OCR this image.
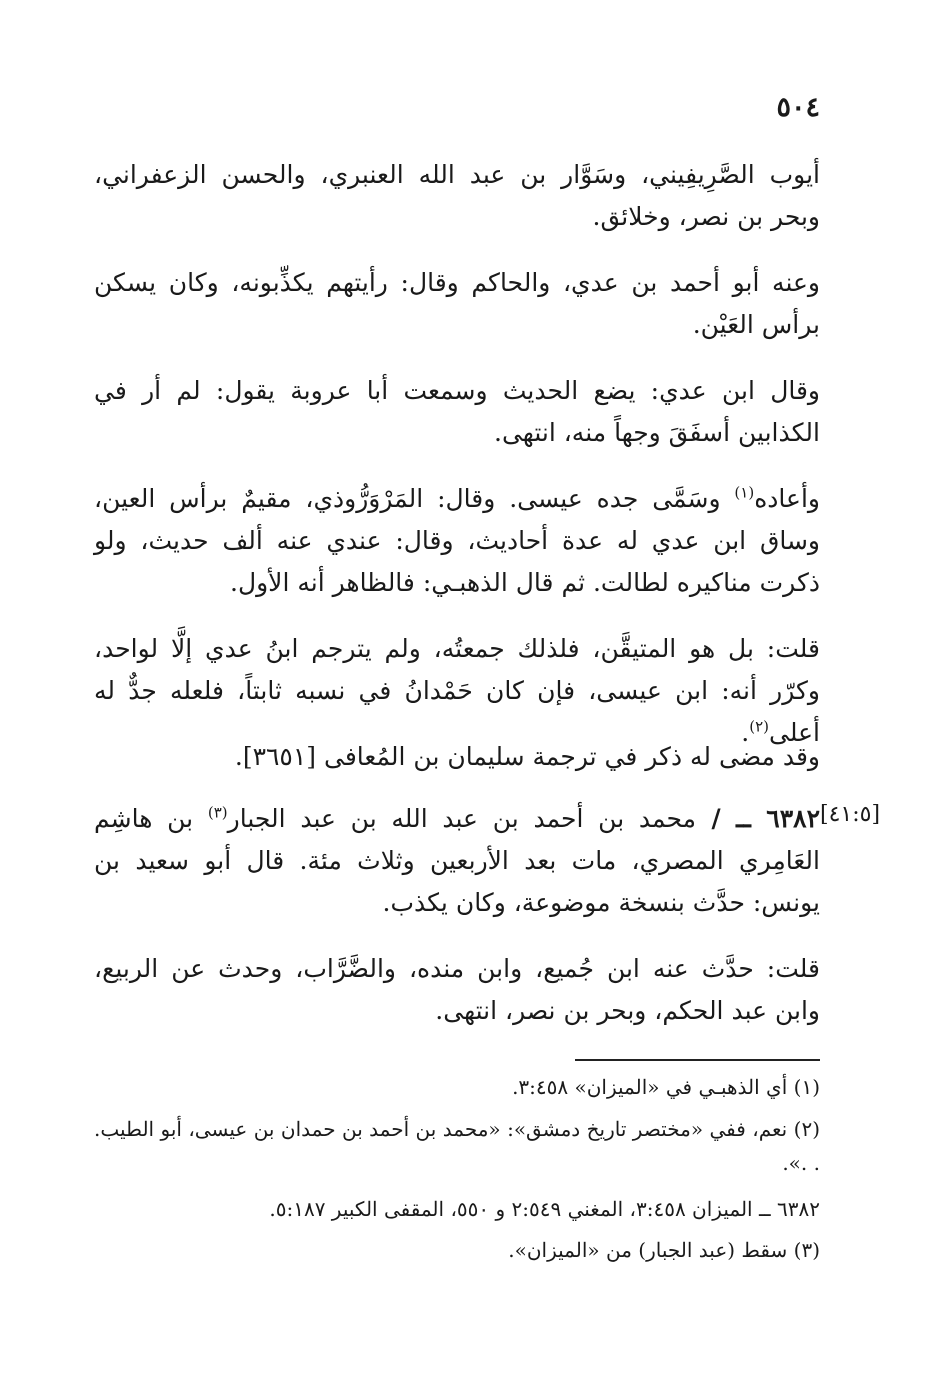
٥٠٤

أيوب الصَّرِيفِيني، وسَوَّار بن عبد الله العنبري، والحسن الزعفراني، وبحر بن نصر، وخلائق.

وعنه أبو أحمد بن عدي، والحاكم وقال: رأيتهم يكذِّبونه، وكان يسكن برأس العَيْن.

وقال ابن عدي: يضع الحديث وسمعت أبا عروبة يقول: لم أر في الكذابين أسفَقَ وجهاً منه، انتهى.

وأعاده$^{(١)}$ وسَمَّى جده عيسى. وقال: المَرْوَرُّوذي، مقيمٌ برأس العين، وساق ابن عدي له عدة أحاديث، وقال: عندي عنه ألف حديث، ولو ذكرت مناكيره لطالت. ثم قال الذهبـي: فالظاهر أنه الأول.

قلت: بل هو المتيقَّن، فلذلك جمعتُه، ولم يترجم ابنُ عدي إلَّا لواحد، وكرّر أنه: ابن عيسى، فإن كان حَمْدانُ في نسبه ثابتاً، فلعله جدٌّ له أعلى$^{(٢)}$.

وقد مضى له ذكر في ترجمة سليمان بن المُعافى [٣٦٥١].

٦٣٨٢ ــ / محمد بن أحمد بن عبد الله بن عبد الجبار$^{(٣)}$ بن هاشِم العَامِري المصري، مات بعد الأربعين وثلاث مئة. قال أبو سعيد بن يونس: حدَّث بنسخة موضوعة، وكان يكذب.

قلت: حدَّث عنه ابن جُميع، وابن منده، والضَّرَّاب، وحدث عن الربيع، وابن عبد الحكم، وبحر بن نصر، انتهى.

(١) أي الذهبـي في «الميزان» ٣:٤٥٨.

(٢) نعم، ففي «مختصر تاريخ دمشق»: «محمد بن أحمد بن حمدان بن عيسى، أبو الطيب. . .».

٦٣٨٢ ــ الميزان ٣:٤٥٨، المغني ٢:٥٤٩ و ٥٥٠، المقفى الكبير ٥:١٨٧.

(٣) سقط (عبد الجبار) من «الميزان».

[٤١:٥]
